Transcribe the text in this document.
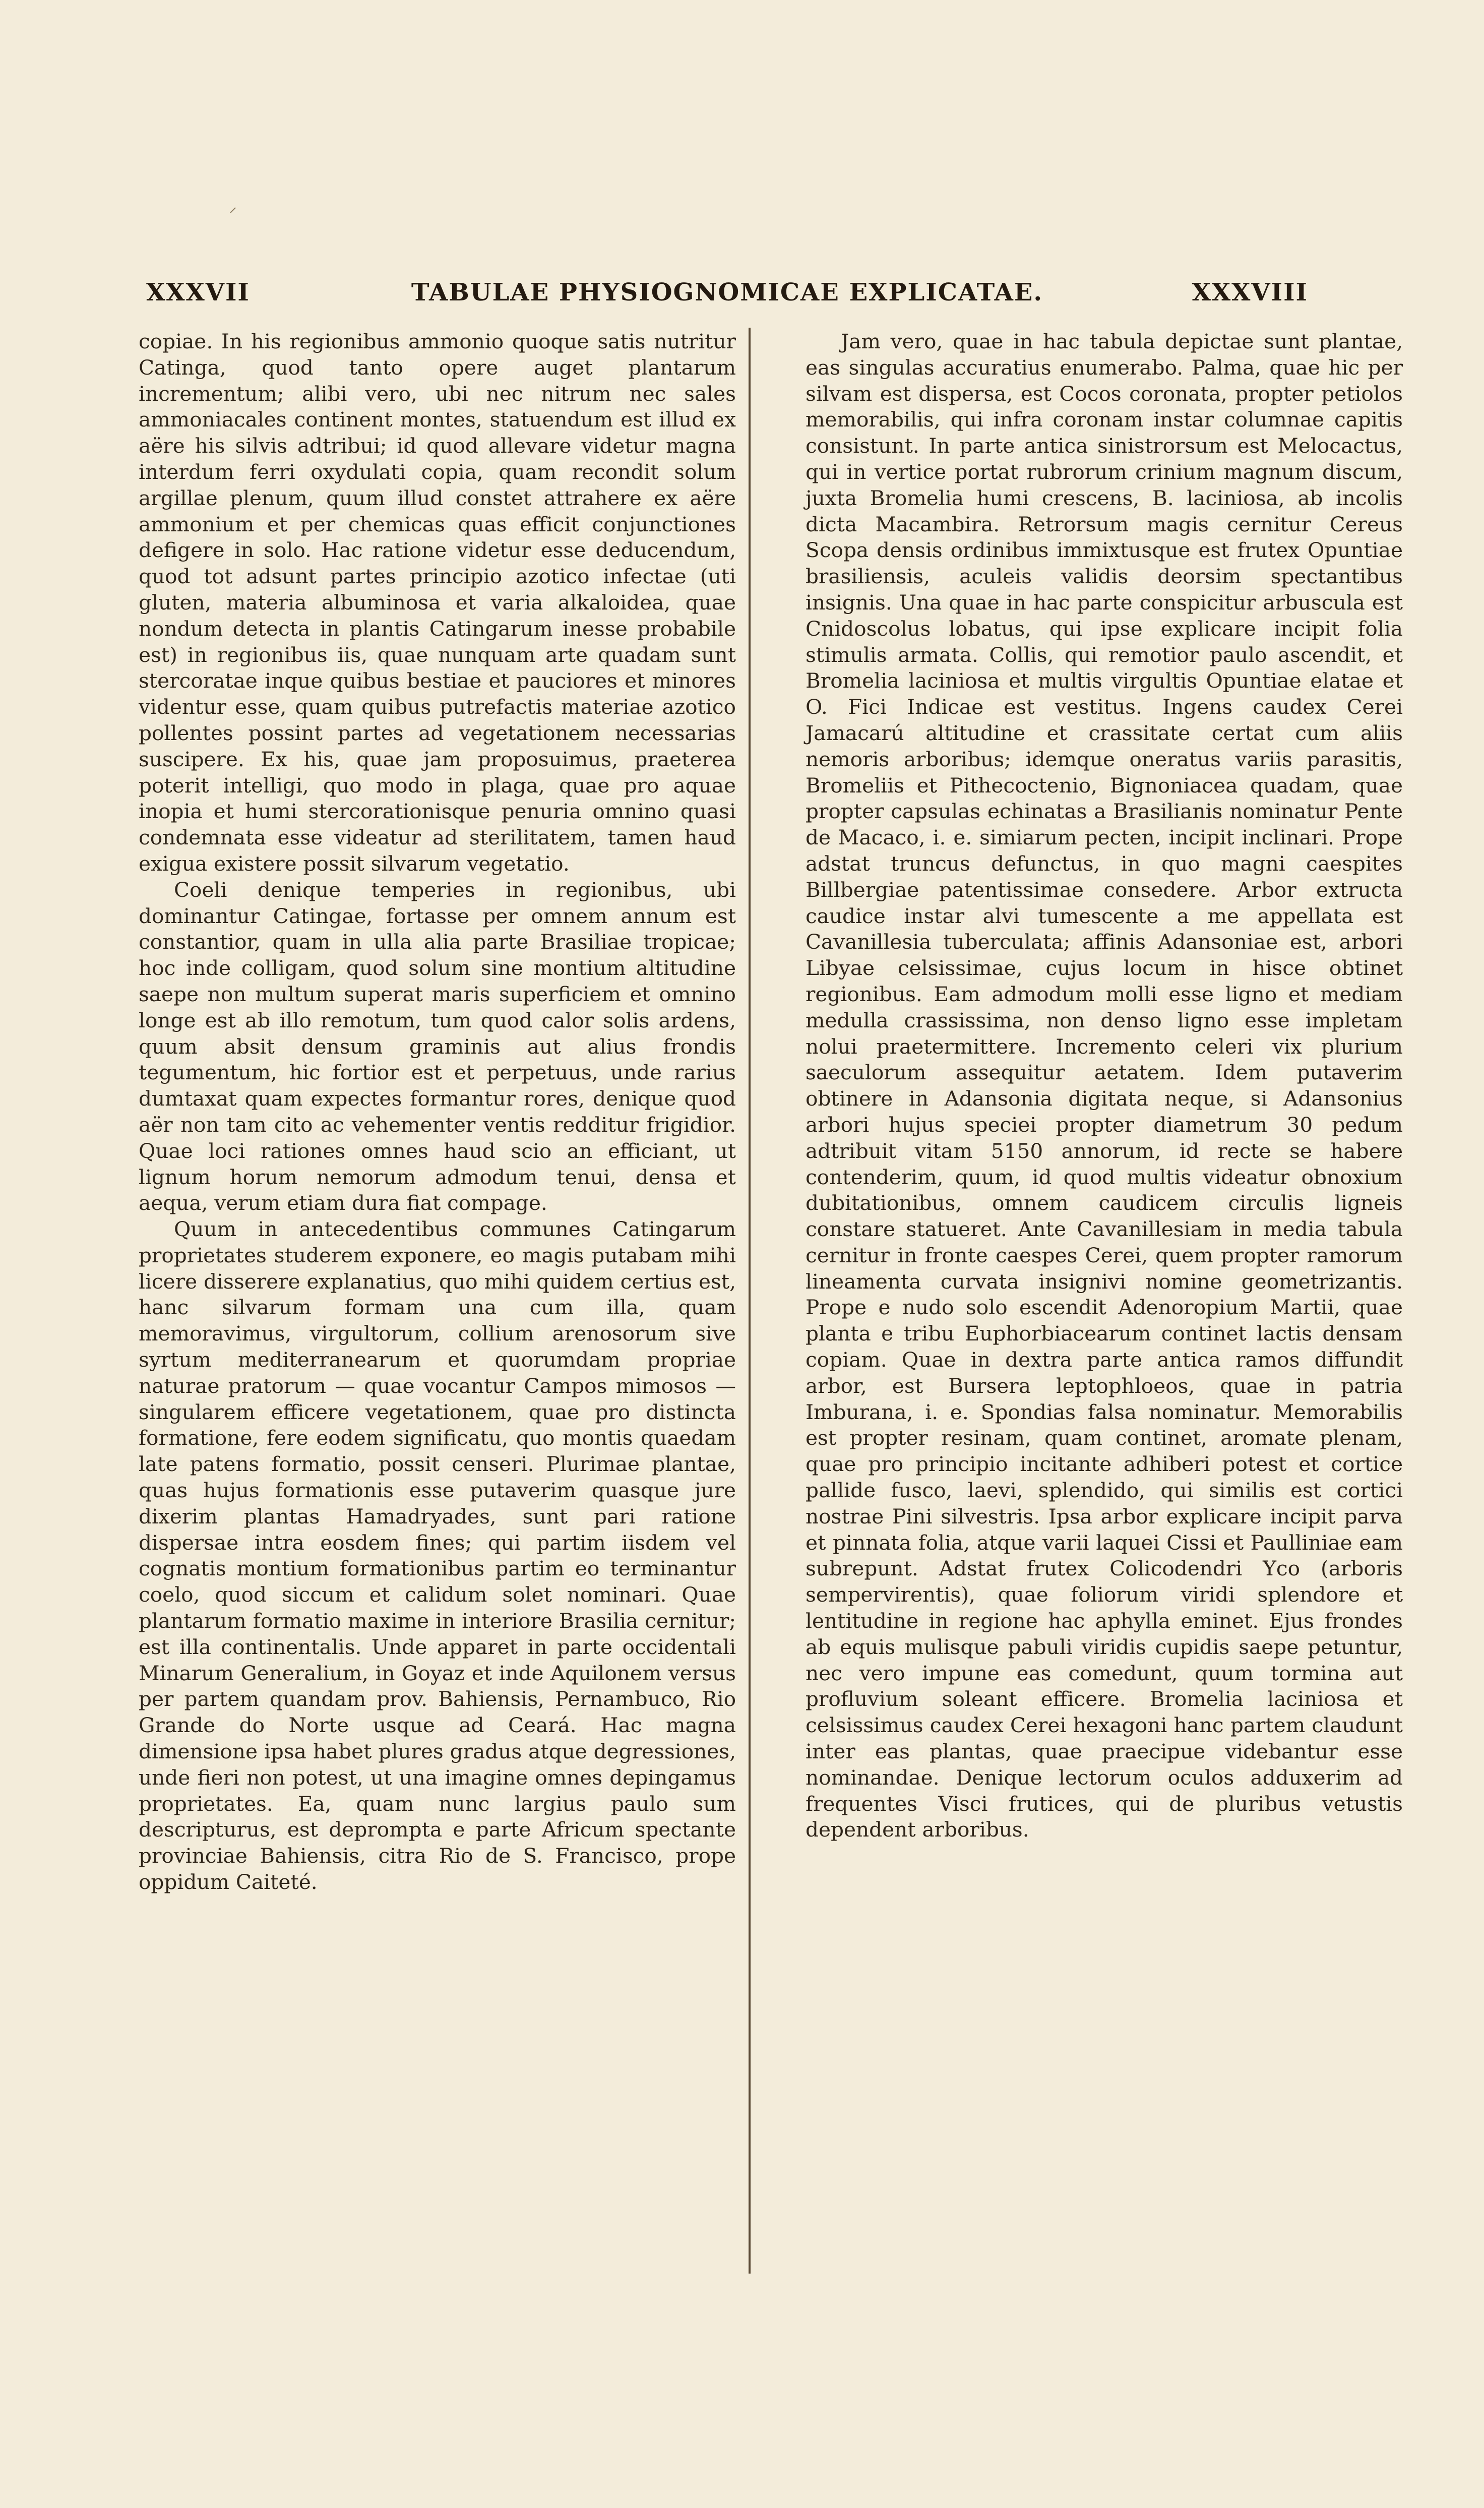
XXXVII	TABULAE PHYSIOGNOMICAE EXPLICATAE.	XXXVIII

copiae. In his regionibus ammonio quoque satis nutritur Catinga, quod tanto opere auget plantarum incrementum; alibi vero, ubi nec nitrum nec sales ammoniacales continent montes, statuendum est illud ex aëre his silvis adtribui; id quod allevare videtur magna interdum ferri oxydulati copia, quam recondit solum argillae plenum, quum illud constet attrahere ex aëre ammonium et per chemicas quas efficit conjunctiones defigere in solo. Hac ratione videtur esse deducendum, quod tot adsunt partes principio azotico infectae (uti gluten, materia albuminosa et varia alkaloidea, quae nondum detecta in plantis Catingarum inesse probabile est) in regionibus iis, quae nunquam arte quadam sunt stercoratae inque quibus bestiae et pauciores et minores videntur esse, quam quibus putrefactis materiae azotico pollentes possint partes ad vegetationem necessarias suscipere. Ex his, quae jam proposuimus, praeterea poterit intelligi, quo modo in plaga, quae pro aquae inopia et humi stercorationisque penuria omnino quasi condemnata esse videatur ad sterilitatem, tamen haud exigua existere possit silvarum vegetatio.

Coeli denique temperies in regionibus, ubi dominantur Catingae, fortasse per omnem annum est constantior, quam in ulla alia parte Brasiliae tropicae; hoc inde colligam, quod solum sine montium altitudine saepe non multum superat maris superficiem et omnino longe est ab illo remotum, tum quod calor solis ardens, quum absit densum graminis aut alius frondis tegumentum, hic fortior est et perpetuus, unde rarius dumtaxat quam expectes formantur rores, denique quod aër non tam cito ac vehementer ventis redditur frigidior. Quae loci rationes omnes haud scio an efficiant, ut lignum horum nemorum admodum tenui, densa et aequa, verum etiam dura fiat compage.

Quum in antecedentibus communes Catingarum proprietates studerem exponere, eo magis putabam mihi licere disserere explanatius, quo mihi quidem certius est, hanc silvarum formam una cum illa, quam memoravimus, virgultorum, collium arenosorum sive syrtum mediterranearum et quorumdam propriae naturae pratorum — quae vocantur Campos mimosos — singularem efficere vegetationem, quae pro distincta formatione, fere eodem significatu, quo montis quaedam late patens formatio, possit censeri. Plurimae plantae, quas hujus formationis esse putaverim quasque jure dixerim plantas Hamadryades, sunt pari ratione dispersae intra eosdem fines; qui partim iisdem vel cognatis montium formationibus partim eo terminantur coelo, quod siccum et calidum solet nominari. Quae plantarum formatio maxime in interiore Brasilia cernitur; est illa continentalis. Unde apparet in parte occidentali Minarum Generalium, in Goyaz et inde Aquilonem versus per partem quandam prov. Bahiensis, Pernambuco, Rio Grande do Norte usque ad Ceará. Hac magna dimensione ipsa habet plures gradus atque degressiones, unde fieri non potest, ut una imagine omnes depingamus proprietates. Ea, quam nunc largius paulo sum descripturus, est deprompta e parte Africum spectante provinciae Bahiensis, citra Rio de S. Francisco, prope oppidum Caiteté.

Jam vero, quae in hac tabula depictae sunt plantae, eas singulas accuratius enumerabo. Palma, quae hic per silvam est dispersa, est Cocos coronata, propter petiolos memorabilis, qui infra coronam instar columnae capitis consistunt. In parte antica sinistrorsum est Melocactus, qui in vertice portat rubrorum crinium magnum discum, juxta Bromelia humi crescens, B. laciniosa, ab incolis dicta Macambira. Retrorsum magis cernitur Cereus Scopa densis ordinibus immixtusque est frutex Opuntiae brasiliensis, aculeis validis deorsim spectantibus insignis. Una quae in hac parte conspicitur arbuscula est Cnidoscolus lobatus, qui ipse explicare incipit folia stimulis armata. Collis, qui remotior paulo ascendit, et Bromelia laciniosa et multis virgultis Opuntiae elatae et O. Fici Indicae est vestitus. Ingens caudex Cerei Jamacarú altitudine et crassitate certat cum aliis nemoris arboribus; idemque oneratus variis parasitis, Bromeliis et Pithecoctenio, Bignoniacea quadam, quae propter capsulas echinatas a Brasilianis nominatur Pente de Macaco, i. e. simiarum pecten, incipit inclinari. Prope adstat truncus defunctus, in quo magni caespites Billbergiae patentissimae consedere. Arbor extructa caudice instar alvi tumescente a me appellata est Cavanillesia tuberculata; affinis Adansoniae est, arbori Libyae celsissimae, cujus locum in hisce obtinet regionibus. Eam admodum molli esse ligno et mediam medulla crassissima, non denso ligno esse impletam nolui praetermittere. Incremento celeri vix plurium saeculorum assequitur aetatem. Idem putaverim obtinere in Adansonia digitata neque, si Adansonius arbori hujus speciei propter diametrum 30 pedum adtribuit vitam 5150 annorum, id recte se habere contenderim, quum, id quod multis videatur obnoxium dubitationibus, omnem caudicem circulis ligneis constare statueret. Ante Cavanillesiam in media tabula cernitur in fronte caespes Cerei, quem propter ramorum lineamenta curvata insignivi nomine geometrizantis. Prope e nudo solo escendit Adenoropium Martii, quae planta e tribu Euphorbiacearum continet lactis densam copiam. Quae in dextra parte antica ramos diffundit arbor, est Bursera leptophloeos, quae in patria Imburana, i. e. Spondias falsa nominatur. Memorabilis est propter resinam, quam continet, aromate plenam, quae pro principio incitante adhiberi potest et cortice pallide fusco, laevi, splendido, qui similis est cortici nostrae Pini silvestris. Ipsa arbor explicare incipit parva et pinnata folia, atque varii laquei Cissi et Paulliniae eam subrepunt. Adstat frutex Colicodendri Yco (arboris sempervirentis), quae foliorum viridi splendore et lentitudine in regione hac aphylla eminet. Ejus frondes ab equis mulisque pabuli viridis cupidis saepe petuntur, nec vero impune eas comedunt, quum tormina aut profluvium soleant efficere. Bromelia laciniosa et celsissimus caudex Cerei hexagoni hanc partem claudunt inter eas plantas, quae praecipue videbantur esse nominandae. Denique lectorum oculos adduxerim ad frequentes Visci frutices, qui de pluribus vetustis dependent arboribus.
